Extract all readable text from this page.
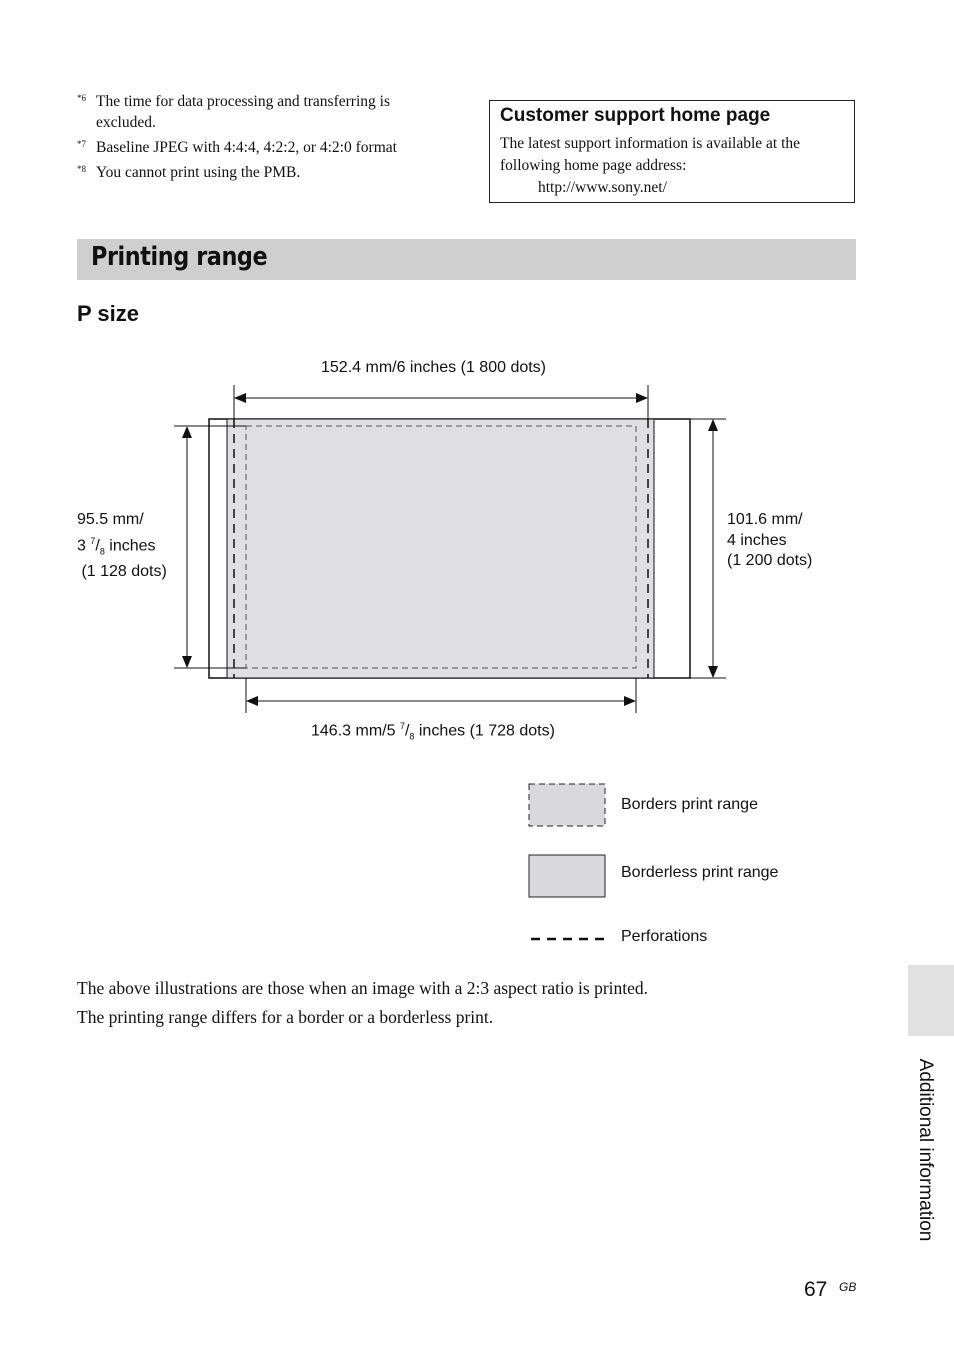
*6 The time for data processing and transferring is excluded.
*7 Baseline JPEG with 4:4:4, 4:2:2, or 4:2:0 format
*8 You cannot print using the PMB.
Customer support home page
The latest support information is available at the following home page address:
http://www.sony.net/
Printing range
P size
152.4 mm/6 inches (1 800 dots)
146.3 mm/5 $^7/_8$ inches (1 728 dots)
95.5 mm/
3 $^7/_8$ inches
(1 128 dots)
101.6 mm/
4 inches
(1 200 dots)
Borders print range
Borderless print range
Perforations
The above illustrations are those when an image with a 2:3 aspect ratio is printed.
The printing range differs for a border or a borderless print.
Additional information
67 GB
